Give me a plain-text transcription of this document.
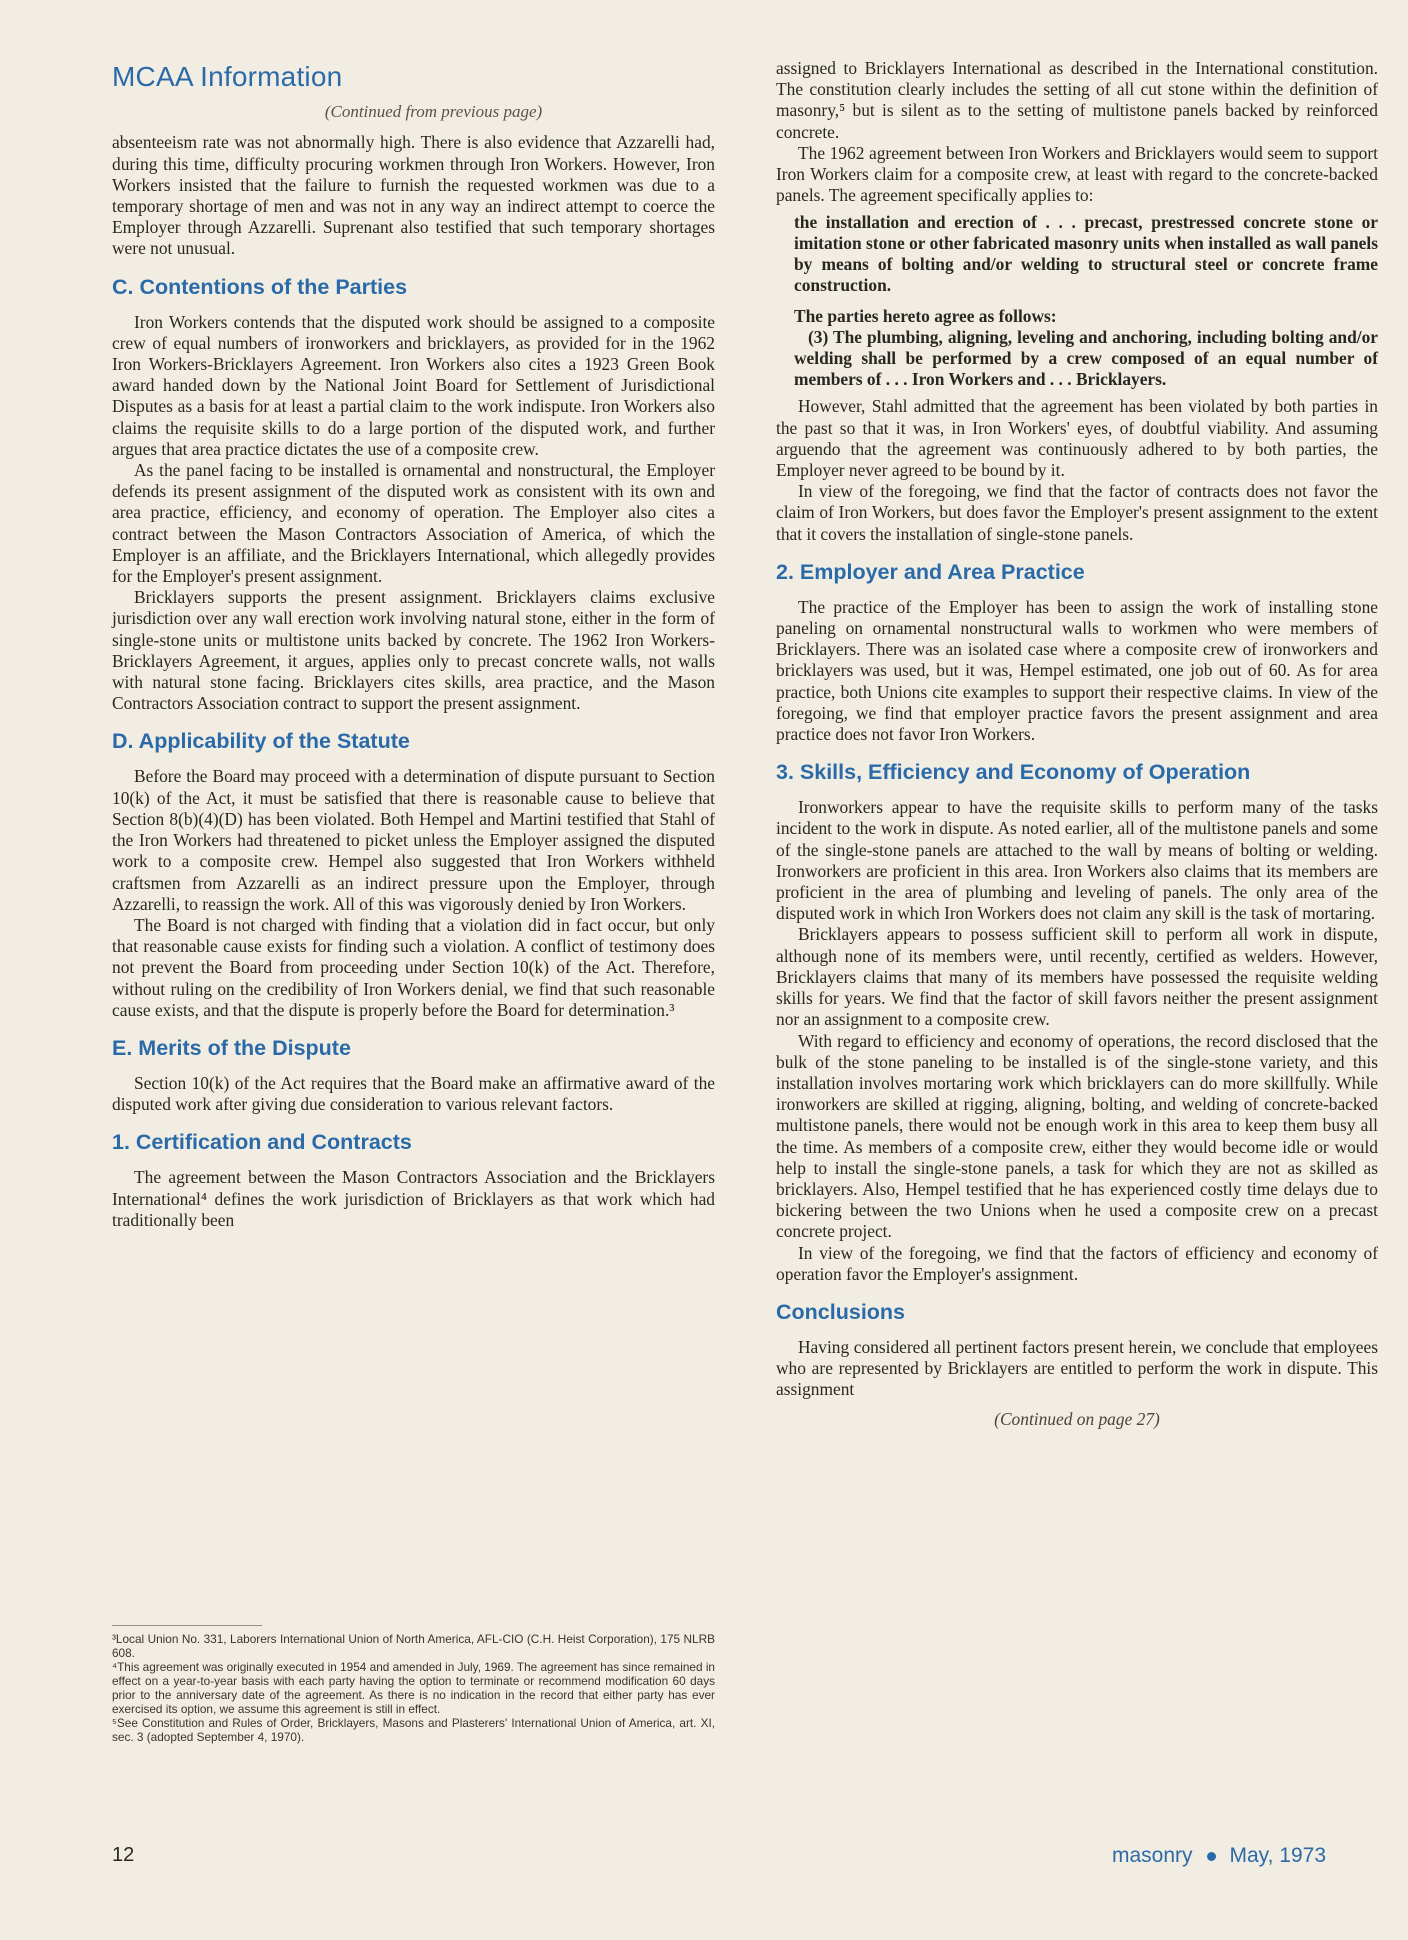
MCAA Information
(Continued from previous page)

absenteeism rate was not abnormally high. There is also evidence that Azzarelli had, during this time, difficulty procuring workmen through Iron Workers. However, Iron Workers insisted that the failure to furnish the requested workmen was due to a temporary shortage of men and was not in any way an indirect attempt to coerce the Employer through Azzarelli. Suprenant also testified that such temporary shortages were not unusual.

C. Contentions of the Parties

Iron Workers contends that the disputed work should be assigned to a composite crew of equal numbers of ironworkers and bricklayers, as provided for in the 1962 Iron Workers-Bricklayers Agreement. Iron Workers also cites a 1923 Green Book award handed down by the National Joint Board for Settlement of Jurisdictional Disputes as a basis for at least a partial claim to the work indispute. Iron Workers also claims the requisite skills to do a large portion of the disputed work, and further argues that area practice dictates the use of a composite crew.

As the panel facing to be installed is ornamental and nonstructural, the Employer defends its present assignment of the disputed work as consistent with its own and area practice, efficiency, and economy of operation. The Employer also cites a contract between the Mason Contractors Association of America, of which the Employer is an affiliate, and the Bricklayers International, which allegedly provides for the Employer's present assignment.

Bricklayers supports the present assignment. Bricklayers claims exclusive jurisdiction over any wall erection work involving natural stone, either in the form of single-stone units or multistone units backed by concrete. The 1962 Iron Workers-Bricklayers Agreement, it argues, applies only to precast concrete walls, not walls with natural stone facing. Bricklayers cites skills, area practice, and the Mason Contractors Association contract to support the present assignment.

D. Applicability of the Statute

Before the Board may proceed with a determination of dispute pursuant to Section 10(k) of the Act, it must be satisfied that there is reasonable cause to believe that Section 8(b)(4)(D) has been violated. Both Hempel and Martini testified that Stahl of the Iron Workers had threatened to picket unless the Employer assigned the disputed work to a composite crew. Hempel also suggested that Iron Workers withheld craftsmen from Azzarelli as an indirect pressure upon the Employer, through Azzarelli, to reassign the work. All of this was vigorously denied by Iron Workers.

The Board is not charged with finding that a violation did in fact occur, but only that reasonable cause exists for finding such a violation. A conflict of testimony does not prevent the Board from proceeding under Section 10(k) of the Act. Therefore, without ruling on the credibility of Iron Workers denial, we find that such reasonable cause exists, and that the dispute is properly before the Board for determination.³

E. Merits of the Dispute

Section 10(k) of the Act requires that the Board make an affirmative award of the disputed work after giving due consideration to various relevant factors.

1. Certification and Contracts

The agreement between the Mason Contractors Association and the Bricklayers International⁴ defines the work jurisdiction of Bricklayers as that work which had traditionally been

³Local Union No. 331, Laborers International Union of North America, AFL-CIO (C.H. Heist Corporation), 175 NLRB 608.

⁴This agreement was originally executed in 1954 and amended in July, 1969. The agreement has since remained in effect on a year-to-year basis with each party having the option to terminate or recommend modification 60 days prior to the anniversary date of the agreement. As there is no indication in the record that either party has ever exercised its option, we assume this agreement is still in effect.

⁵See Constitution and Rules of Order, Bricklayers, Masons and Plasterers' International Union of America, art. XI, sec. 3 (adopted September 4, 1970).

assigned to Bricklayers International as described in the International constitution. The constitution clearly includes the setting of all cut stone within the definition of masonry,⁵ but is silent as to the setting of multistone panels backed by reinforced concrete.

The 1962 agreement between Iron Workers and Bricklayers would seem to support Iron Workers claim for a composite crew, at least with regard to the concrete-backed panels. The agreement specifically applies to:

the installation and erection of . . . precast, prestressed concrete stone or imitation stone or other fabricated masonry units when installed as wall panels by means of bolting and/or welding to structural steel or concrete frame construction.

The parties hereto agree as follows:

(3) The plumbing, aligning, leveling and anchoring, including bolting and/or welding shall be performed by a crew composed of an equal number of members of . . . Iron Workers and . . . Bricklayers.

However, Stahl admitted that the agreement has been violated by both parties in the past so that it was, in Iron Workers' eyes, of doubtful viability. And assuming arguendo that the agreement was continuously adhered to by both parties, the Employer never agreed to be bound by it.

In view of the foregoing, we find that the factor of contracts does not favor the claim of Iron Workers, but does favor the Employer's present assignment to the extent that it covers the installation of single-stone panels.

2. Employer and Area Practice

The practice of the Employer has been to assign the work of installing stone paneling on ornamental nonstructural walls to workmen who were members of Bricklayers. There was an isolated case where a composite crew of ironworkers and bricklayers was used, but it was, Hempel estimated, one job out of 60. As for area practice, both Unions cite examples to support their respective claims. In view of the foregoing, we find that employer practice favors the present assignment and area practice does not favor Iron Workers.

3. Skills, Efficiency and Economy of Operation

Ironworkers appear to have the requisite skills to perform many of the tasks incident to the work in dispute. As noted earlier, all of the multistone panels and some of the single-stone panels are attached to the wall by means of bolting or welding. Ironworkers are proficient in this area. Iron Workers also claims that its members are proficient in the area of plumbing and leveling of panels. The only area of the disputed work in which Iron Workers does not claim any skill is the task of mortaring.

Bricklayers appears to possess sufficient skill to perform all work in dispute, although none of its members were, until recently, certified as welders. However, Bricklayers claims that many of its members have possessed the requisite welding skills for years. We find that the factor of skill favors neither the present assignment nor an assignment to a composite crew.

With regard to efficiency and economy of operations, the record disclosed that the bulk of the stone paneling to be installed is of the single-stone variety, and this installation involves mortaring work which bricklayers can do more skillfully. While ironworkers are skilled at rigging, aligning, bolting, and welding of concrete-backed multistone panels, there would not be enough work in this area to keep them busy all the time. As members of a composite crew, either they would become idle or would help to install the single-stone panels, a task for which they are not as skilled as bricklayers. Also, Hempel testified that he has experienced costly time delays due to bickering between the two Unions when he used a composite crew on a precast concrete project.

In view of the foregoing, we find that the factors of efficiency and economy of operation favor the Employer's assignment.

Conclusions

Having considered all pertinent factors present herein, we conclude that employees who are represented by Bricklayers are entitled to perform the work in dispute. This assignment

(Continued on page 27)
12	masonry May, 1973
